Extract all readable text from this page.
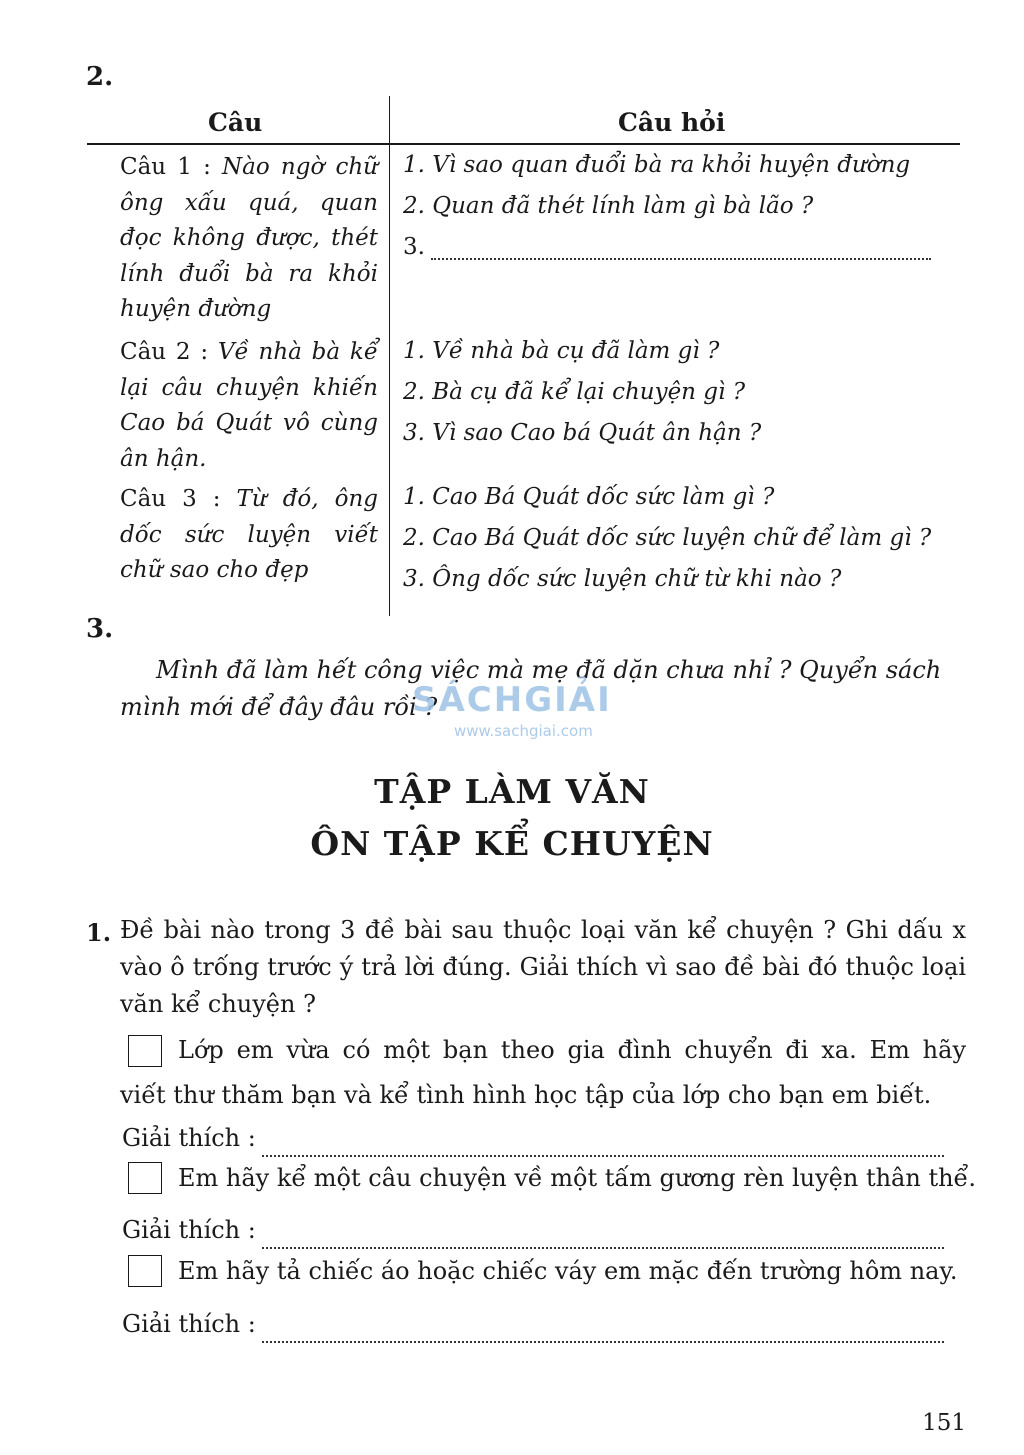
2.
Câu	Câu hỏi
Câu 1 : Nào ngờ chữ ông xấu quá, quan đọc không được, thét lính đuổi bà ra khỏi huyện đường
1. Vì sao quan đuổi bà ra khỏi huyện đường
2. Quan đã thét lính làm gì bà lão ?
3.
Câu 2 : Về nhà bà kể lại câu chuyện khiến Cao bá Quát vô cùng ân hận.
1. Về nhà bà cụ đã làm gì ?
2. Bà cụ đã kể lại chuyện gì ?
3. Vì sao Cao bá Quát ân hận ?
Câu 3 : Từ đó, ông dốc sức luyện viết chữ sao cho đẹp
1. Cao Bá Quát dốc sức làm gì ?
2. Cao Bá Quát dốc sức luyện chữ để làm gì ?
3. Ông dốc sức luyện chữ từ khi nào ?
3.
Mình đã làm hết công việc mà mẹ đã dặn chưa nhỉ ? Quyển sách mình mới để đây đâu rồi ?
SÁCHGIẢI
www.sachgiai.com
TẬP LÀM VĂN
ÔN TẬP KỂ CHUYỆN
1. Đề bài nào trong 3 đề bài sau thuộc loại văn kể chuyện ? Ghi dấu x vào ô trống trước ý trả lời đúng. Giải thích vì sao đề bài đó thuộc loại văn kể chuyện ?
Lớp em vừa có một bạn theo gia đình chuyển đi xa. Em hãy
viết thư thăm bạn và kể tình hình học tập của lớp cho bạn em biết.
Giải thích :
Em hãy kể một câu chuyện về một tấm gương rèn luyện thân thể.
Giải thích :
Em hãy tả chiếc áo hoặc chiếc váy em mặc đến trường hôm nay.
Giải thích :
151
